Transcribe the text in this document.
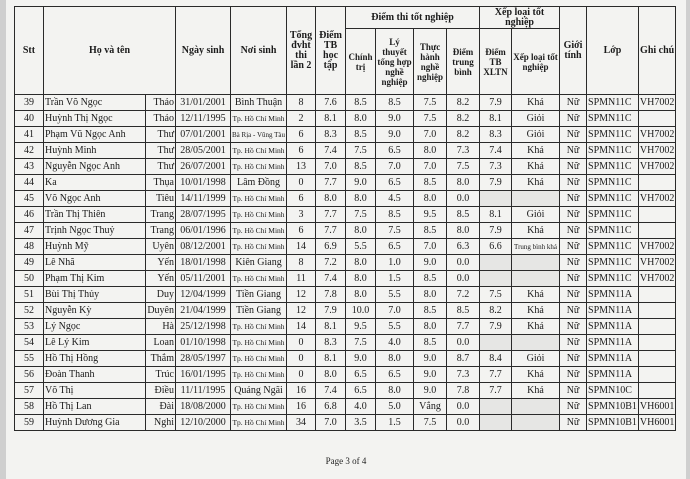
Stt	Họ và tên		Ngày sinh	Nơi sinh	Tổng đvht thi lần 2	Điểm TB học tập	Điểm thi tốt nghiệp				Xếp loại tốt nghiệp		Giới tính	Lớp	Ghi chú
							Chính trị	Lý thuyết tổng hợp nghề nghiệp	Thực hành nghề nghiệp	Điểm trung bình	Điểm TB XLTN	Xếp loại tốt nghiệp			
39	Trần Võ Ngọc	Thảo	31/01/2001	Bình Thuận	8	7.6	8.5	8.5	7.5	8.2	7.9	Khá	Nữ	SPMN11C	VH7002
40	Huỳnh Thị Ngọc	Thảo	12/11/1995	Tp. Hồ Chí Minh	2	8.1	8.0	9.0	7.5	8.2	8.1	Giỏi	Nữ	SPMN11C	
41	Phạm Vũ Ngọc Anh	Thư	07/01/2001	Bà Rịa - Vũng Tàu	6	8.3	8.5	9.0	7.0	8.2	8.3	Giỏi	Nữ	SPMN11C	VH7002
42	Huỳnh Minh	Thư	28/05/2001	Tp. Hồ Chí Minh	6	7.4	7.5	6.5	8.0	7.3	7.4	Khá	Nữ	SPMN11C	VH7002
43	Nguyễn Ngọc Anh	Thư	26/07/2001	Tp. Hồ Chí Minh	13	7.0	8.5	7.0	7.0	7.5	7.3	Khá	Nữ	SPMN11C	VH7002
44	Ka	Thụa	10/01/1998	Lâm Đồng	0	7.7	9.0	6.5	8.5	8.0	7.9	Khá	Nữ	SPMN11C	
45	Võ Ngọc Anh	Tiêu	14/11/1999	Tp. Hồ Chí Minh	6	8.0	8.0	4.5	8.0	0.0			Nữ	SPMN11C	VH7002
46	Trần Thị Thiên	Trang	28/07/1995	Tp. Hồ Chí Minh	3	7.7	7.5	8.5	9.5	8.5	8.1	Giỏi	Nữ	SPMN11C	
47	Trịnh Ngọc Thuỷ	Trang	06/01/1996	Tp. Hồ Chí Minh	6	7.7	8.0	7.5	8.5	8.0	7.9	Khá	Nữ	SPMN11C	
48	Huỳnh Mỹ	Uyên	08/12/2001	Tp. Hồ Chí Minh	14	6.9	5.5	6.5	7.0	6.3	6.6	Trung bình khá	Nữ	SPMN11C	VH7002
49	Lê Nhã	Yến	18/01/1998	Kiên Giang	8	7.2	8.0	1.0	9.0	0.0			Nữ	SPMN11C	VH7002
50	Phạm Thị Kim	Yến	05/11/2001	Tp. Hồ Chí Minh	11	7.4	8.0	1.5	8.5	0.0			Nữ	SPMN11C	VH7002
51	Bùi Thị Thủy	Duy	12/04/1999	Tiền Giang	12	7.8	8.0	5.5	8.0	7.2	7.5	Khá	Nữ	SPMN11A	
52	Nguyễn Kỳ	Duyên	21/04/1999	Tiền Giang	12	7.9	10.0	7.0	8.5	8.5	8.2	Khá	Nữ	SPMN11A	
53	Lý Ngọc	Hà	25/12/1998	Tp. Hồ Chí Minh	14	8.1	9.5	5.5	8.0	7.7	7.9	Khá	Nữ	SPMN11A	
54	Lê Lý Kim	Loan	01/10/1998	Tp. Hồ Chí Minh	0	8.3	7.5	4.0	8.5	0.0			Nữ	SPMN11A	
55	Hồ Thị Hồng	Thắm	28/05/1997	Tp. Hồ Chí Minh	0	8.1	9.0	8.0	9.0	8.7	8.4	Giỏi	Nữ	SPMN11A	
56	Đoàn Thanh	Trúc	16/01/1995	Tp. Hồ Chí Minh	0	8.0	6.5	6.5	9.0	7.3	7.7	Khá	Nữ	SPMN11A	
57	Võ Thị	Điều	11/11/1995	Quảng Ngãi	16	7.4	6.5	8.0	9.0	7.8	7.7	Khá	Nữ	SPMN10C	
58	Hồ Thị Lan	Đài	18/08/2000	Tp. Hồ Chí Minh	16	6.8	4.0	5.0	Vắng	0.0			Nữ	SPMN10B1	VH6001
59	Huỳnh Dương Gia	Nghi	12/10/2000	Tp. Hồ Chí Minh	34	7.0	3.5	1.5	7.5	0.0			Nữ	SPMN10B1	VH6001
Page 3 of 4
